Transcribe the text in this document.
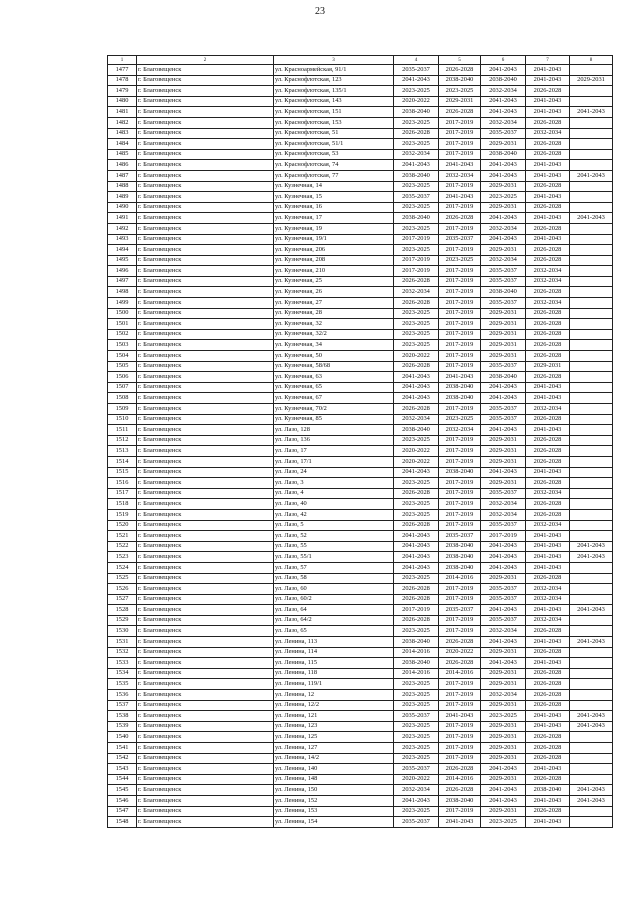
23
1	2	3	4	5	6	7	8
1477	г. Благовещенск	ул. Красноармейская, 91/1	2035-2037	2026-2028	2041-2043	2041-2043	
1478	г. Благовещенск	ул. Краснофлотская, 123	2041-2043	2038-2040	2038-2040	2041-2043	2029-2031
1479	г. Благовещенск	ул. Краснофлотская, 135/1	2023-2025	2023-2025	2032-2034	2026-2028	
1480	г. Благовещенск	ул. Краснофлотская, 143	2020-2022	2029-2031	2041-2043	2041-2043	
1481	г. Благовещенск	ул. Краснофлотская, 151	2038-2040	2026-2028	2041-2043	2041-2043	2041-2043
1482	г. Благовещенск	ул. Краснофлотская, 153	2023-2025	2017-2019	2032-2034	2026-2028	
1483	г. Благовещенск	ул. Краснофлотская, 51	2026-2028	2017-2019	2035-2037	2032-2034	
1484	г. Благовещенск	ул. Краснофлотская, 51/1	2023-2025	2017-2019	2029-2031	2026-2028	
1485	г. Благовещенск	ул. Краснофлотская, 53	2032-2034	2017-2019	2038-2040	2026-2028	
1486	г. Благовещенск	ул. Краснофлотская, 74	2041-2043	2041-2043	2041-2043	2041-2043	
1487	г. Благовещенск	ул. Краснофлотская, 77	2038-2040	2032-2034	2041-2043	2041-2043	2041-2043
1488	г. Благовещенск	ул. Кузнечная, 14	2023-2025	2017-2019	2029-2031	2026-2028	
1489	г. Благовещенск	ул. Кузнечная, 15	2035-2037	2041-2043	2023-2025	2041-2043	
1490	г. Благовещенск	ул. Кузнечная, 16	2023-2025	2017-2019	2029-2031	2026-2028	
1491	г. Благовещенск	ул. Кузнечная, 17	2038-2040	2026-2028	2041-2043	2041-2043	2041-2043
1492	г. Благовещенск	ул. Кузнечная, 19	2023-2025	2017-2019	2032-2034	2026-2028	
1493	г. Благовещенск	ул. Кузнечная, 19/1	2017-2019	2035-2037	2041-2043	2041-2043	
1494	г. Благовещенск	ул. Кузнечная, 206	2023-2025	2017-2019	2029-2031	2026-2028	
1495	г. Благовещенск	ул. Кузнечная, 208	2017-2019	2023-2025	2032-2034	2026-2028	
1496	г. Благовещенск	ул. Кузнечная, 210	2017-2019	2017-2019	2035-2037	2032-2034	
1497	г. Благовещенск	ул. Кузнечная, 25	2026-2028	2017-2019	2035-2037	2032-2034	
1498	г. Благовещенск	ул. Кузнечная, 26	2032-2034	2017-2019	2038-2040	2026-2028	
1499	г. Благовещенск	ул. Кузнечная, 27	2026-2028	2017-2019	2035-2037	2032-2034	
1500	г. Благовещенск	ул. Кузнечная, 28	2023-2025	2017-2019	2029-2031	2026-2028	
1501	г. Благовещенск	ул. Кузнечная, 32	2023-2025	2017-2019	2029-2031	2026-2028	
1502	г. Благовещенск	ул. Кузнечная, 32/2	2023-2025	2017-2019	2029-2031	2026-2028	
1503	г. Благовещенск	ул. Кузнечная, 34	2023-2025	2017-2019	2029-2031	2026-2028	
1504	г. Благовещенск	ул. Кузнечная, 50	2020-2022	2017-2019	2029-2031	2026-2028	
1505	г. Благовещенск	ул. Кузнечная, 58/68	2026-2028	2017-2019	2035-2037	2029-2031	
1506	г. Благовещенск	ул. Кузнечная, 63	2041-2043	2041-2043	2038-2040	2026-2028	
1507	г. Благовещенск	ул. Кузнечная, 65	2041-2043	2038-2040	2041-2043	2041-2043	
1508	г. Благовещенск	ул. Кузнечная, 67	2041-2043	2038-2040	2041-2043	2041-2043	
1509	г. Благовещенск	ул. Кузнечная, 70/2	2026-2028	2017-2019	2035-2037	2032-2034	
1510	г. Благовещенск	ул. Кузнечная, 85	2032-2034	2023-2025	2035-2037	2026-2028	
1511	г. Благовещенск	ул. Лазо, 128	2038-2040	2032-2034	2041-2043	2041-2043	
1512	г. Благовещенск	ул. Лазо, 136	2023-2025	2017-2019	2029-2031	2026-2028	
1513	г. Благовещенск	ул. Лазо, 17	2020-2022	2017-2019	2029-2031	2026-2028	
1514	г. Благовещенск	ул. Лазо, 17/1	2020-2022	2017-2019	2029-2031	2026-2028	
1515	г. Благовещенск	ул. Лазо, 24	2041-2043	2038-2040	2041-2043	2041-2043	
1516	г. Благовещенск	ул. Лазо, 3	2023-2025	2017-2019	2029-2031	2026-2028	
1517	г. Благовещенск	ул. Лазо, 4	2026-2028	2017-2019	2035-2037	2032-2034	
1518	г. Благовещенск	ул. Лазо, 40	2023-2025	2017-2019	2032-2034	2026-2028	
1519	г. Благовещенск	ул. Лазо, 42	2023-2025	2017-2019	2032-2034	2026-2028	
1520	г. Благовещенск	ул. Лазо, 5	2026-2028	2017-2019	2035-2037	2032-2034	
1521	г. Благовещенск	ул. Лазо, 52	2041-2043	2035-2037	2017-2019	2041-2043	
1522	г. Благовещенск	ул. Лазо, 55	2041-2043	2038-2040	2041-2043	2041-2043	2041-2043
1523	г. Благовещенск	ул. Лазо, 55/1	2041-2043	2038-2040	2041-2043	2041-2043	2041-2043
1524	г. Благовещенск	ул. Лазо, 57	2041-2043	2038-2040	2041-2043	2041-2043	
1525	г. Благовещенск	ул. Лазо, 58	2023-2025	2014-2016	2029-2031	2026-2028	
1526	г. Благовещенск	ул. Лазо, 60	2026-2028	2017-2019	2035-2037	2032-2034	
1527	г. Благовещенск	ул. Лазо, 60/2	2026-2028	2017-2019	2035-2037	2032-2034	
1528	г. Благовещенск	ул. Лазо, 64	2017-2019	2035-2037	2041-2043	2041-2043	2041-2043
1529	г. Благовещенск	ул. Лазо, 64/2	2026-2028	2017-2019	2035-2037	2032-2034	
1530	г. Благовещенск	ул. Лазо, 65	2023-2025	2017-2019	2032-2034	2026-2028	
1531	г. Благовещенск	ул. Ленина, 113	2038-2040	2026-2028	2041-2043	2041-2043	2041-2043
1532	г. Благовещенск	ул. Ленина, 114	2014-2016	2020-2022	2029-2031	2026-2028	
1533	г. Благовещенск	ул. Ленина, 115	2038-2040	2026-2028	2041-2043	2041-2043	
1534	г. Благовещенск	ул. Ленина, 118	2014-2016	2014-2016	2029-2031	2026-2028	
1535	г. Благовещенск	ул. Ленина, 119/1	2023-2025	2017-2019	2029-2031	2026-2028	
1536	г. Благовещенск	ул. Ленина, 12	2023-2025	2017-2019	2032-2034	2026-2028	
1537	г. Благовещенск	ул. Ленина, 12/2	2023-2025	2017-2019	2029-2031	2026-2028	
1538	г. Благовещенск	ул. Ленина, 121	2035-2037	2041-2043	2023-2025	2041-2043	2041-2043
1539	г. Благовещенск	ул. Ленина, 123	2023-2025	2017-2019	2029-2031	2041-2043	2041-2043
1540	г. Благовещенск	ул. Ленина, 125	2023-2025	2017-2019	2029-2031	2026-2028	
1541	г. Благовещенск	ул. Ленина, 127	2023-2025	2017-2019	2029-2031	2026-2028	
1542	г. Благовещенск	ул. Ленина, 14/2	2023-2025	2017-2019	2029-2031	2026-2028	
1543	г. Благовещенск	ул. Ленина, 140	2035-2037	2026-2028	2041-2043	2041-2043	
1544	г. Благовещенск	ул. Ленина, 148	2020-2022	2014-2016	2029-2031	2026-2028	
1545	г. Благовещенск	ул. Ленина, 150	2032-2034	2026-2028	2041-2043	2038-2040	2041-2043
1546	г. Благовещенск	ул. Ленина, 152	2041-2043	2038-2040	2041-2043	2041-2043	2041-2043
1547	г. Благовещенск	ул. Ленина, 153	2023-2025	2017-2019	2029-2031	2026-2028	
1548	г. Благовещенск	ул. Ленина, 154	2035-2037	2041-2043	2023-2025	2041-2043	
